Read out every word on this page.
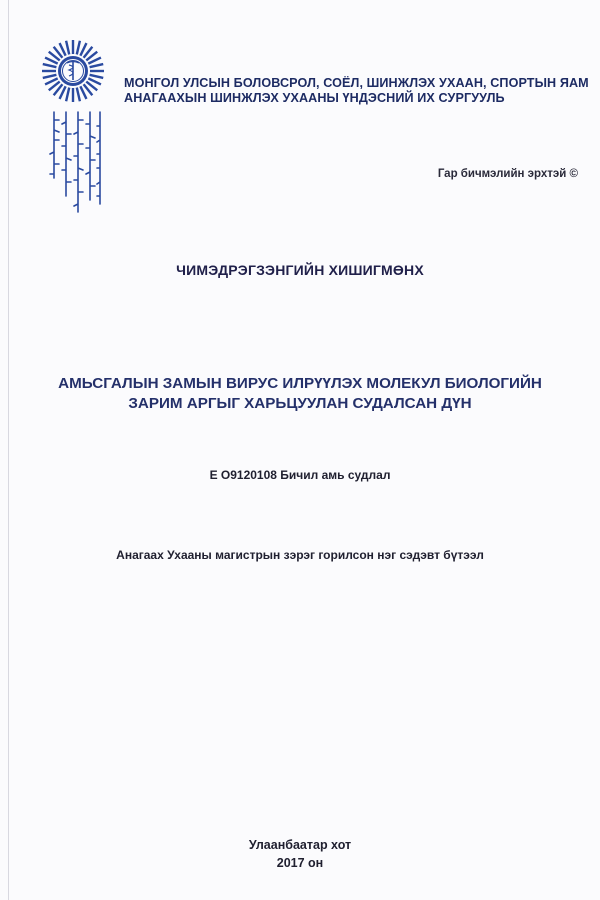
МОНГОЛ УЛСЫН БОЛОВСРОЛ, СОЁЛ, ШИНЖЛЭХ УХААН, СПОРТЫН ЯАМ
АНАГААХЫН ШИНЖЛЭХ УХААНЫ ҮНДЭСНИЙ ИХ СУРГУУЛЬ
Гар бичмэлийн эрхтэй ©
ЧИМЭДРЭГЗЭНГИЙН ХИШИГМӨНХ
АМЬСГАЛЫН ЗАМЫН ВИРУС ИЛРҮҮЛЭХ МОЛЕКУЛ БИОЛОГИЙН
ЗАРИМ АРГЫГ ХАРЬЦУУЛАН СУДАЛСАН ДҮН
Е О9120108 Бичил амь судлал
Анагаах Ухааны магистрын зэрэг горилсон нэг сэдэвт бүтээл
Улаанбаатар хот
2017 он
